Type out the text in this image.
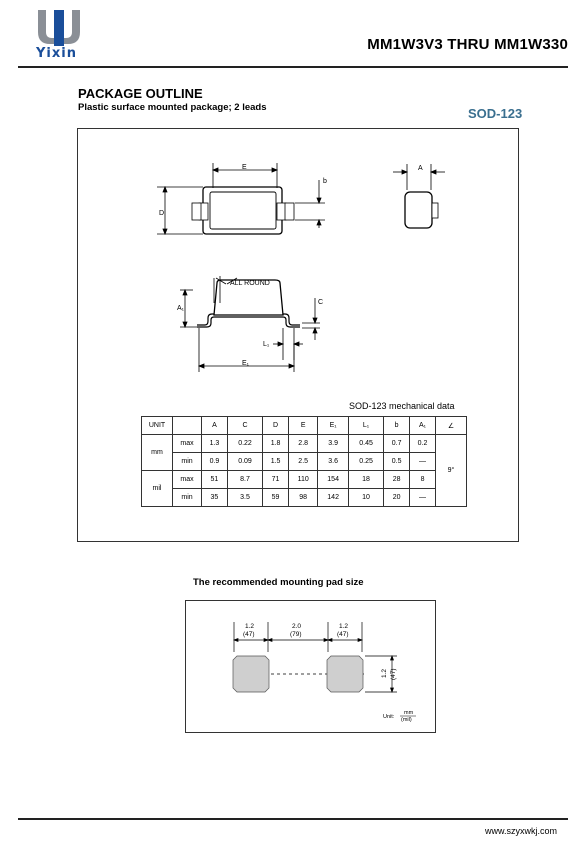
Yixin
MM1W3V3 THRU MM1W330
PACKAGE OUTLINE
Plastic surface mounted package; 2 leads	SOD-123
E
b
D
A
ALL ROUND
A₁
C
L₁
E₁
SOD-123 mechanical data
UNIT		A	C	D	E	E₁	L₁	b	A₁	∠
mm	max	1.3	0.22	1.8	2.8	3.9	0.45	0.7	0.2	9°
	min	0.9	0.09	1.5	2.5	3.6	0.25	0.5	—	
mil	max	51	8.7	71	110	154	18	28	8	
	min	35	3.5	59	98	142	10	20	—	
The recommended mounting pad size
1.2
(47)
2.0
(79)
1.2
(47)
1.2 (47)
Unit:
mm
(mil)
www.szyxwkj.com
